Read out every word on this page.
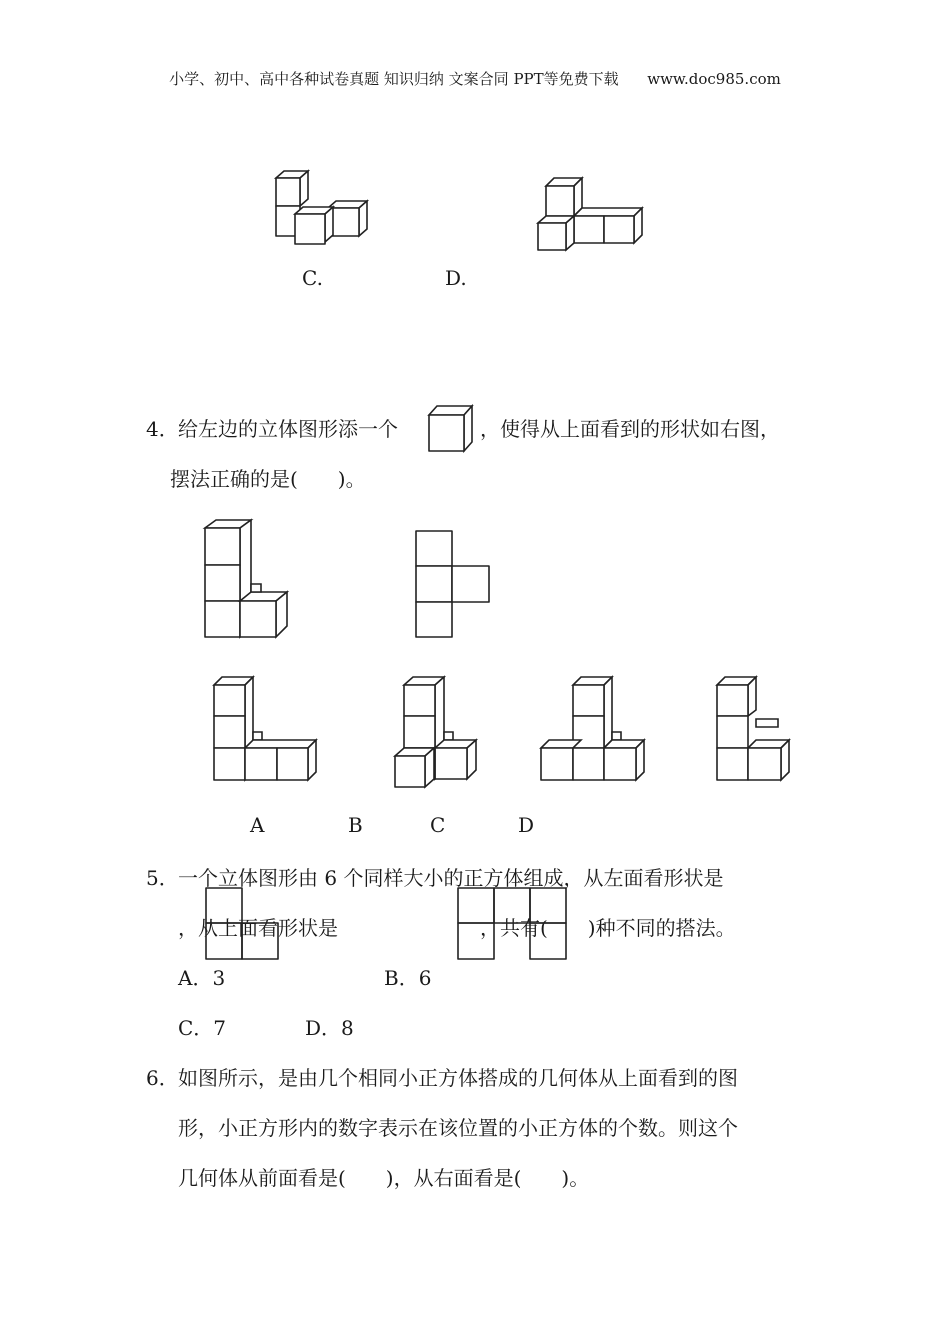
小学、初中、高中各种试卷真题 知识归纳 文案合同 PPT等免费下载 www.doc985.com
C.	D.
4． 给左边的立体图形添一个	，使得从上面看到的形状如右图，
摆法正确的是(　　)。
A	B	C	D
5． 一个立体图形由 6 个同样大小的正方体组成，从左面看形状是
，从上面看形状是	，共有(　　)种不同的搭法。
A．3	B．6
C．7	D．8
6． 如图所示，是由几个相同小正方体搭成的几何体从上面看到的图
形，小正方形内的数字表示在该位置的小正方体的个数。则这个
几何体从前面看是(　　)，从右面看是(　　)。
